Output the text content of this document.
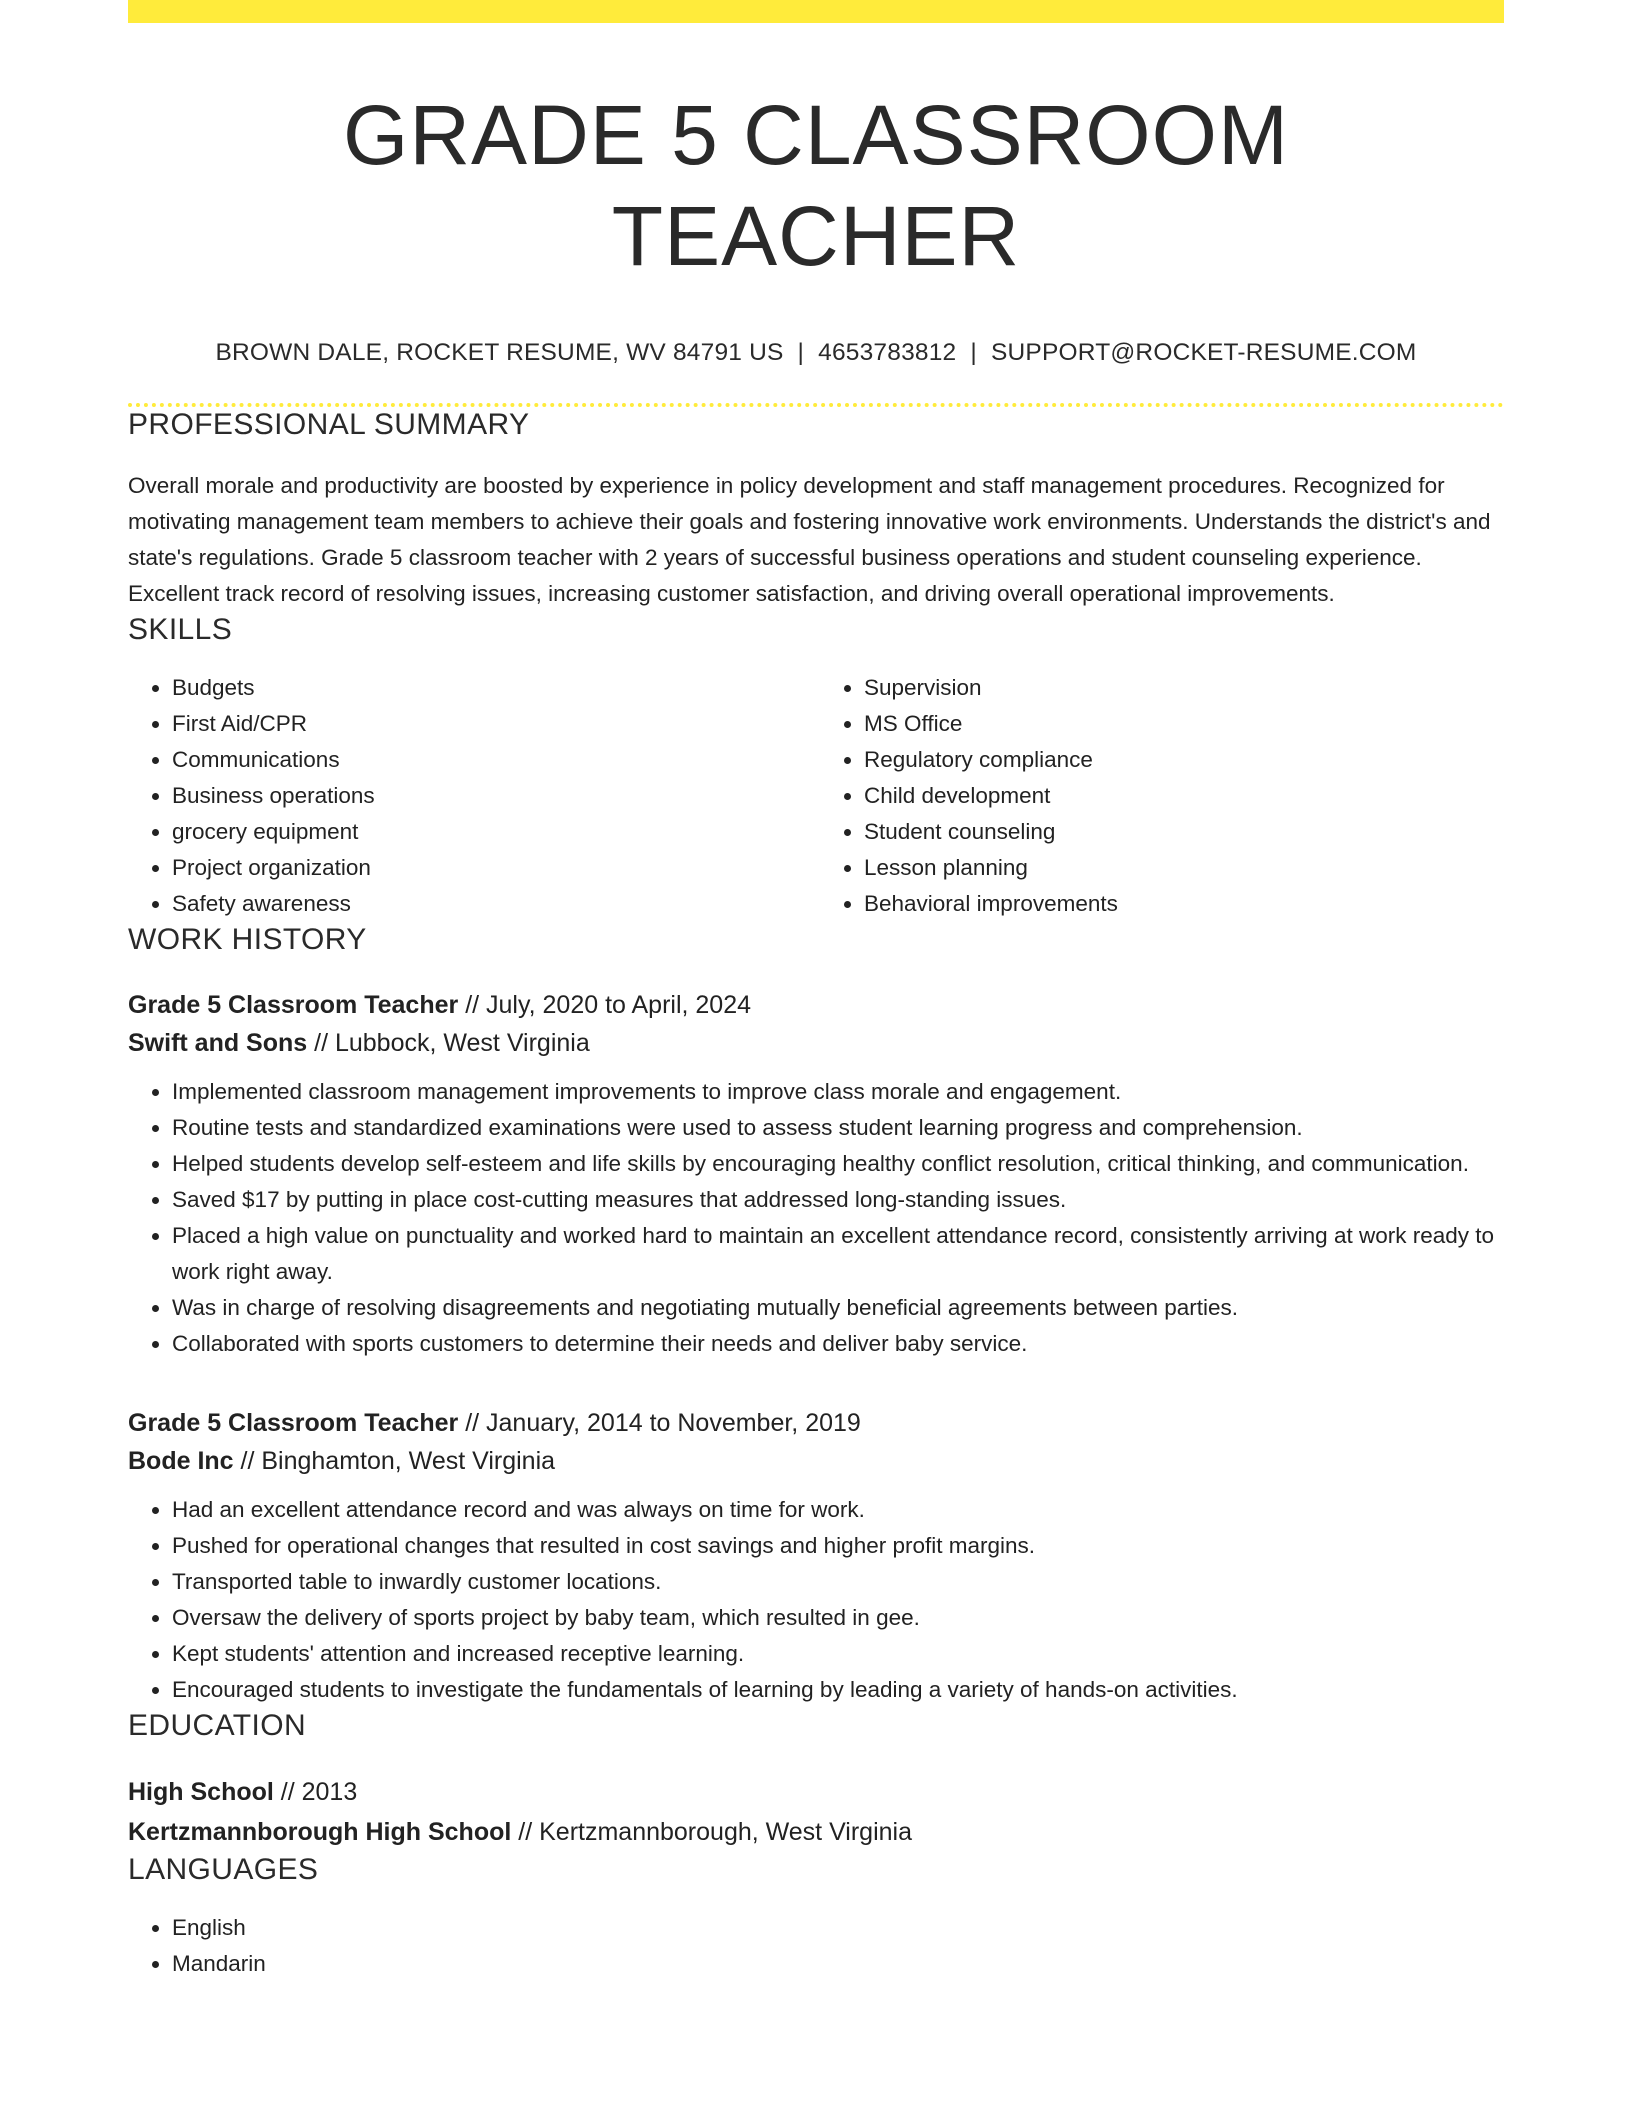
GRADE 5 CLASSROOM TEACHER
BROWN DALE, ROCKET RESUME, WV 84791 US | 4653783812 | SUPPORT@ROCKET-RESUME.COM
PROFESSIONAL SUMMARY

Overall morale and productivity are boosted by experience in policy development and staff management procedures. Recognized for motivating management team members to achieve their goals and fostering innovative work environments. Understands the district's and state's regulations. Grade 5 classroom teacher with 2 years of successful business operations and student counseling experience. Excellent track record of resolving issues, increasing customer satisfaction, and driving overall operational improvements.

SKILLS
• Budgets
• First Aid/CPR
• Communications
• Business operations
• grocery equipment
• Project organization
• Safety awareness
• Supervision
• MS Office
• Regulatory compliance
• Child development
• Student counseling
• Lesson planning
• Behavioral improvements
WORK HISTORY
Grade 5 Classroom Teacher // July, 2020 to April, 2024
Swift and Sons // Lubbock, West Virginia
• Implemented classroom management improvements to improve class morale and engagement.
• Routine tests and standardized examinations were used to assess student learning progress and comprehension.
• Helped students develop self-esteem and life skills by encouraging healthy conflict resolution, critical thinking, and communication.
• Saved $17 by putting in place cost-cutting measures that addressed long-standing issues.
• Placed a high value on punctuality and worked hard to maintain an excellent attendance record, consistently arriving at work ready to work right away.
• Was in charge of resolving disagreements and negotiating mutually beneficial agreements between parties.
• Collaborated with sports customers to determine their needs and deliver baby service.
Grade 5 Classroom Teacher // January, 2014 to November, 2019
Bode Inc // Binghamton, West Virginia
• Had an excellent attendance record and was always on time for work.
• Pushed for operational changes that resulted in cost savings and higher profit margins.
• Transported table to inwardly customer locations.
• Oversaw the delivery of sports project by baby team, which resulted in gee.
• Kept students' attention and increased receptive learning.
• Encouraged students to investigate the fundamentals of learning by leading a variety of hands-on activities.
EDUCATION
High School // 2013
Kertzmannborough High School // Kertzmannborough, West Virginia
LANGUAGES
• English
• Mandarin
